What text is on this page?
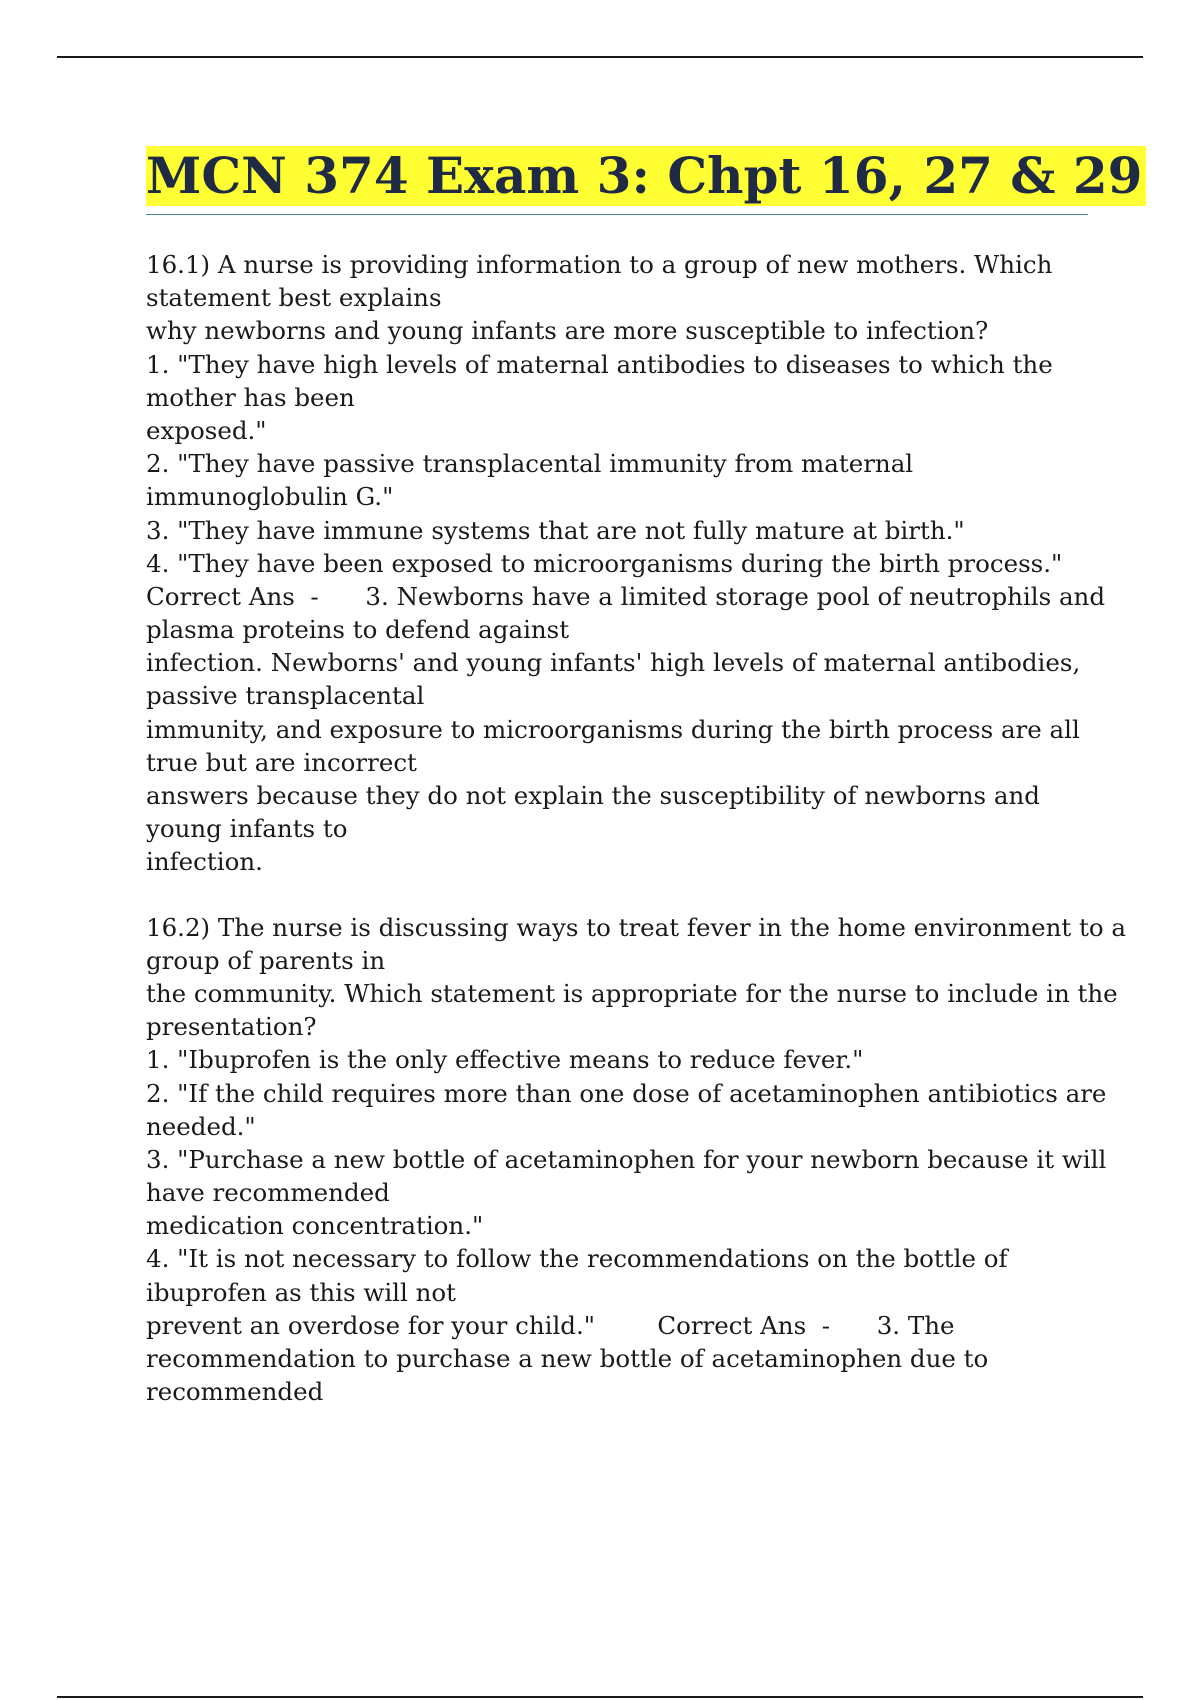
MCN 374 Exam 3: Chpt 16, 27 & 29
16.1) A nurse is providing information to a group of new mothers. Which
statement best explains
why newborns and young infants are more susceptible to infection?
1. "They have high levels of maternal antibodies to diseases to which the
mother has been
exposed."
2. "They have passive transplacental immunity from maternal
immunoglobulin G."
3. "They have immune systems that are not fully mature at birth."
4. "They have been exposed to microorganisms during the birth process."
Correct Ans  -      3. Newborns have a limited storage pool of neutrophils and
plasma proteins to defend against
infection. Newborns' and young infants' high levels of maternal antibodies,
passive transplacental
immunity, and exposure to microorganisms during the birth process are all
true but are incorrect
answers because they do not explain the susceptibility of newborns and
young infants to
infection.
16.2) The nurse is discussing ways to treat fever in the home environment to a
group of parents in
the community. Which statement is appropriate for the nurse to include in the
presentation?
1. "Ibuprofen is the only effective means to reduce fever."
2. "If the child requires more than one dose of acetaminophen antibiotics are
needed."
3. "Purchase a new bottle of acetaminophen for your newborn because it will
have recommended
medication concentration."
4. "It is not necessary to follow the recommendations on the bottle of
ibuprofen as this will not
prevent an overdose for your child."        Correct Ans  -      3. The
recommendation to purchase a new bottle of acetaminophen due to
recommended
